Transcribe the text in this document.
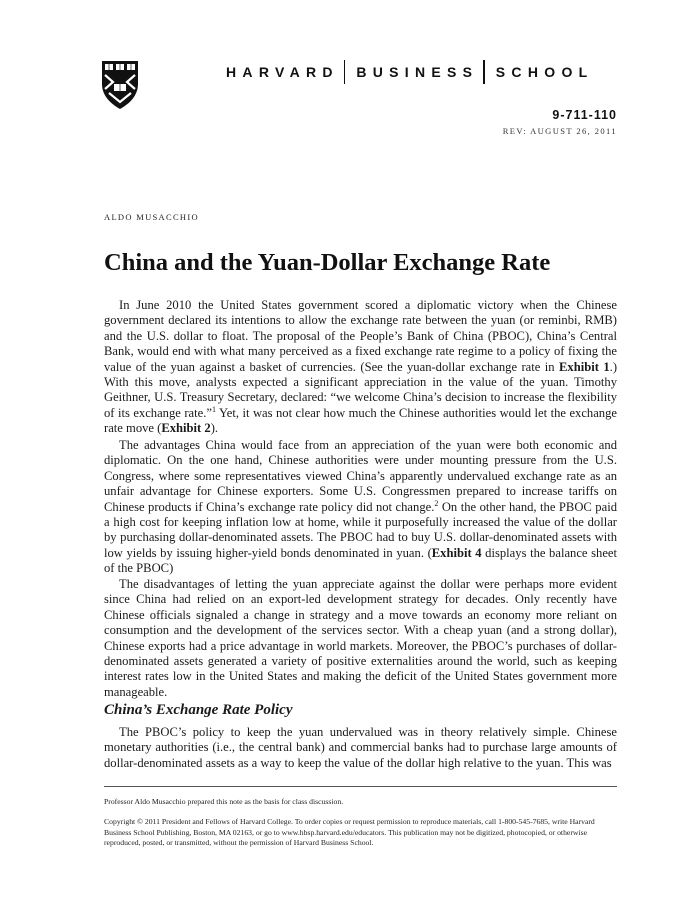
HARVARD BUSINESS SCHOOL
9-711-110
REV: AUGUST 26, 2011
ALDO MUSACCHIO
China and the Yuan-Dollar Exchange Rate

In June 2010 the United States government scored a diplomatic victory when the Chinese government declared its intentions to allow the exchange rate between the yuan (or reminbi, RMB) and the U.S. dollar to float. The proposal of the People’s Bank of China (PBOC), China’s Central Bank, would end with what many perceived as a fixed exchange rate regime to a policy of fixing the value of the yuan against a basket of currencies. (See the yuan-dollar exchange rate in Exhibit 1.) With this move, analysts expected a significant appreciation in the value of the yuan. Timothy Geithner, U.S. Treasury Secretary, declared: “we welcome China’s decision to increase the flexibility of its exchange rate.”$^1$ Yet, it was not clear how much the Chinese authorities would let the exchange rate move (Exhibit 2).

The advantages China would face from an appreciation of the yuan were both economic and diplomatic. On the one hand, Chinese authorities were under mounting pressure from the U.S. Congress, where some representatives viewed China’s apparently undervalued exchange rate as an unfair advantage for Chinese exporters. Some U.S. Congressmen prepared to increase tariffs on Chinese products if China’s exchange rate policy did not change.$^2$ On the other hand, the PBOC paid a high cost for keeping inflation low at home, while it purposefully increased the value of the dollar by purchasing dollar-denominated assets. The PBOC had to buy U.S. dollar-denominated assets with low yields by issuing higher-yield bonds denominated in yuan. (Exhibit 4 displays the balance sheet of the PBOC)

The disadvantages of letting the yuan appreciate against the dollar were perhaps more evident since China had relied on an export-led development strategy for decades. Only recently have Chinese officials signaled a change in strategy and a move towards an economy more reliant on consumption and the development of the services sector. With a cheap yuan (and a strong dollar), Chinese exports had a price advantage in world markets. Moreover, the PBOC’s purchases of dollar-denominated assets generated a variety of positive externalities around the world, such as keeping interest rates low in the United States and making the deficit of the United States government more manageable.

China’s Exchange Rate Policy

The PBOC’s policy to keep the yuan undervalued was in theory relatively simple. Chinese monetary authorities (i.e., the central bank) and commercial banks had to purchase large amounts of dollar-denominated assets as a way to keep the value of the dollar high relative to the yuan. This was

Professor Aldo Musacchio prepared this note as the basis for class discussion.

Copyright © 2011 President and Fellows of Harvard College. To order copies or request permission to reproduce materials, call 1-800-545-7685, write Harvard Business School Publishing, Boston, MA 02163, or go to www.hbsp.harvard.edu/educators. This publication may not be digitized, photocopied, or otherwise reproduced, posted, or transmitted, without the permission of Harvard Business School.
